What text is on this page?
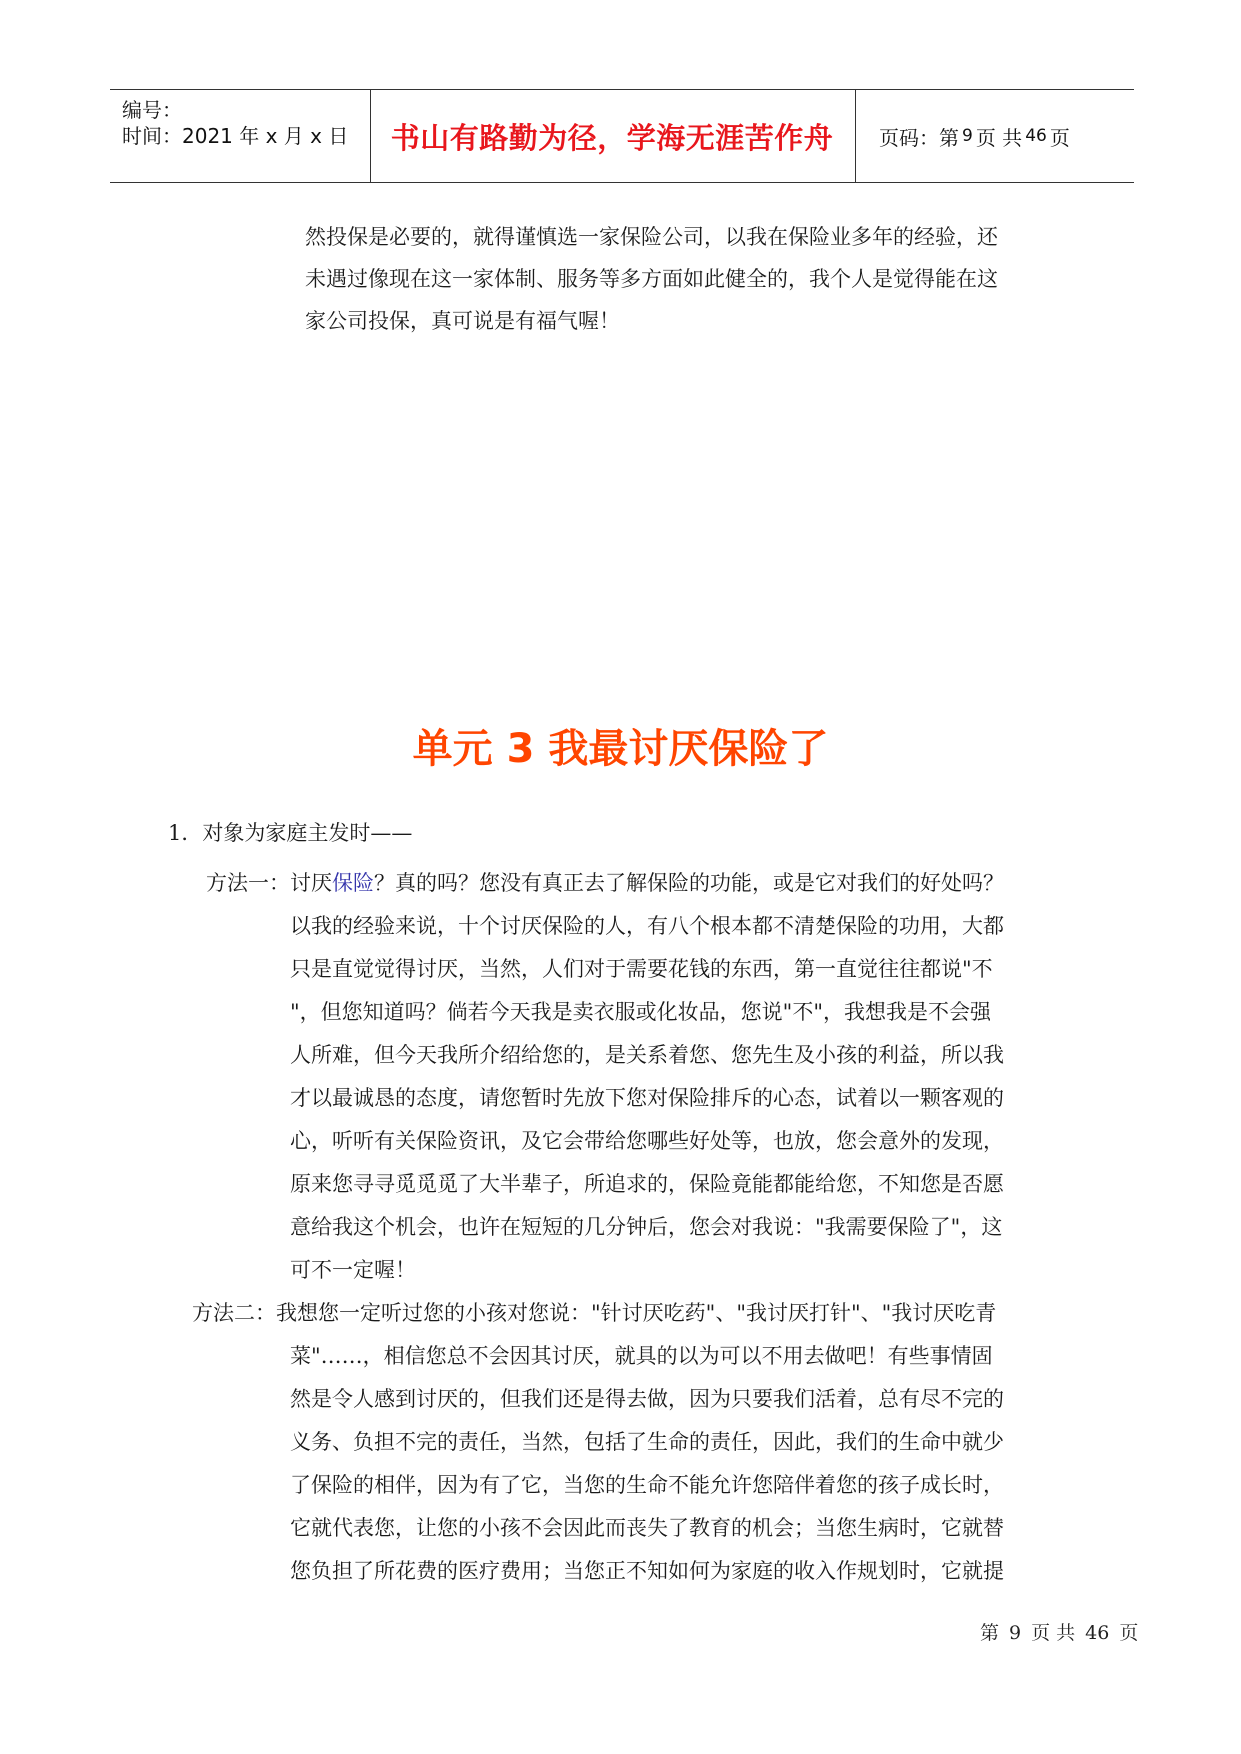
编号：
时间：2021 年 x 月 x 日	书山有路勤为径，学海无涯苦作舟	页码：第 9 页 共 46 页
然投保是必要的，就得谨慎选一家保险公司，以我在保险业多年的经验，还
未遇过像现在这一家体制、服务等多方面如此健全的，我个人是觉得能在这
家公司投保，真可说是有福气喔！
单元 3 我最讨厌保险了
1．对象为家庭主发时——
方法一：讨厌保险？真的吗？您没有真正去了解保险的功能，或是它对我们的好处吗？
以我的经验来说，十个讨厌保险的人，有八个根本都不清楚保险的功用，大都
只是直觉觉得讨厌，当然，人们对于需要花钱的东西，第一直觉往往都说"不
"，但您知道吗？倘若今天我是卖衣服或化妆品，您说"不"，我想我是不会强
人所难，但今天我所介绍给您的，是关系着您、您先生及小孩的利益，所以我
才以最诚恳的态度，请您暂时先放下您对保险排斥的心态，试着以一颗客观的
心，听听有关保险资讯，及它会带给您哪些好处等，也放，您会意外的发现，
原来您寻寻觅觅觅了大半辈子，所追求的，保险竟能都能给您，不知您是否愿
意给我这个机会，也许在短短的几分钟后，您会对我说："我需要保险了"，这
可不一定喔！
方法二：我想您一定听过您的小孩对您说："针讨厌吃药"、"我讨厌打针"、"我讨厌吃青
菜"……，相信您总不会因其讨厌，就具的以为可以不用去做吧！有些事情固
然是令人感到讨厌的，但我们还是得去做，因为只要我们活着，总有尽不完的
义务、负担不完的责任，当然，包括了生命的责任，因此，我们的生命中就少
了保险的相伴，因为有了它，当您的生命不能允许您陪伴着您的孩子成长时，
它就代表您，让您的小孩不会因此而丧失了教育的机会；当您生病时，它就替
您负担了所花费的医疗费用；当您正不知如何为家庭的收入作规划时，它就提
第 9 页 共 46 页
